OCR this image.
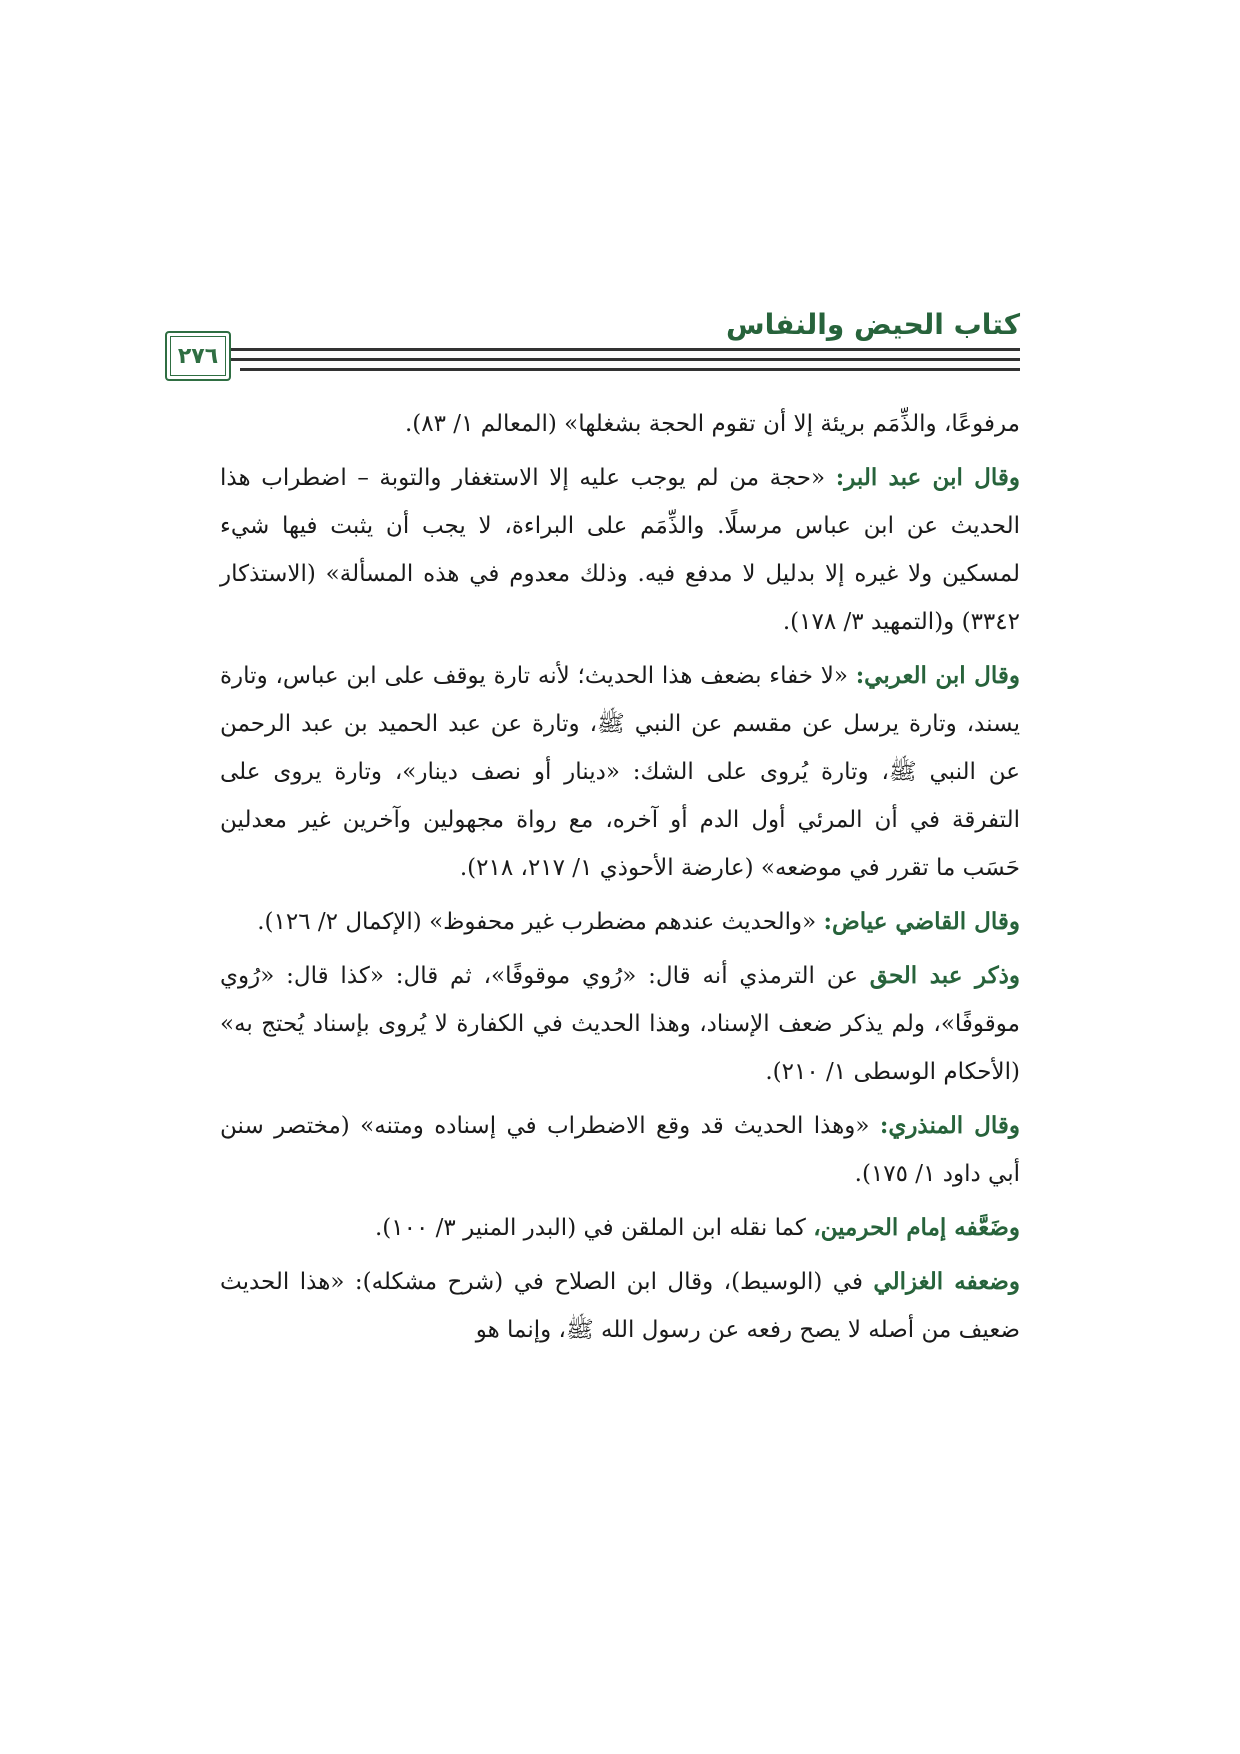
كتاب الحيض والنفاس
٢٧٦

مرفوعًا، والذِّمَم بريئة إلا أن تقوم الحجة بشغلها» (المعالم ١/ ٨٣).

وقال ابن عبد البر: «حجة من لم يوجب عليه إلا الاستغفار والتوبة – اضطراب هذا الحديث عن ابن عباس مرسلًا. والذِّمَم على البراءة، لا يجب أن يثبت فيها شيء لمسكين ولا غيره إلا بدليل لا مدفع فيه. وذلك معدوم في هذه المسألة» (الاستذكار ٣٣٤٢) و(التمهيد ٣/ ١٧٨).

وقال ابن العربي: «لا خفاء بضعف هذا الحديث؛ لأنه تارة يوقف على ابن عباس، وتارة يسند، وتارة يرسل عن مقسم عن النبي ﷺ، وتارة عن عبد الحميد بن عبد الرحمن عن النبي ﷺ، وتارة يُروى على الشك: «دينار أو نصف دينار»، وتارة يروى على التفرقة في أن المرئي أول الدم أو آخره، مع رواة مجهولين وآخرين غير معدلين حَسَب ما تقرر في موضعه» (عارضة الأحوذي ١/ ٢١٧، ٢١٨).

وقال القاضي عياض: «والحديث عندهم مضطرب غير محفوظ» (الإكمال ٢/ ١٢٦).

وذكر عبد الحق عن الترمذي أنه قال: «رُوي موقوفًا»، ثم قال: «كذا قال: «رُوي موقوفًا»، ولم يذكر ضعف الإسناد، وهذا الحديث في الكفارة لا يُروى بإسناد يُحتج به» (الأحكام الوسطى ١/ ٢١٠).

وقال المنذري: «وهذا الحديث قد وقع الاضطراب في إسناده ومتنه» (مختصر سنن أبي داود ١/ ١٧٥).

وضَعَّفه إمام الحرمين، كما نقله ابن الملقن في (البدر المنير ٣/ ١٠٠).

وضعفه الغزالي في (الوسيط)، وقال ابن الصلاح في (شرح مشكله): «هذا الحديث ضعيف من أصله لا يصح رفعه عن رسول الله ﷺ، وإنما هو
